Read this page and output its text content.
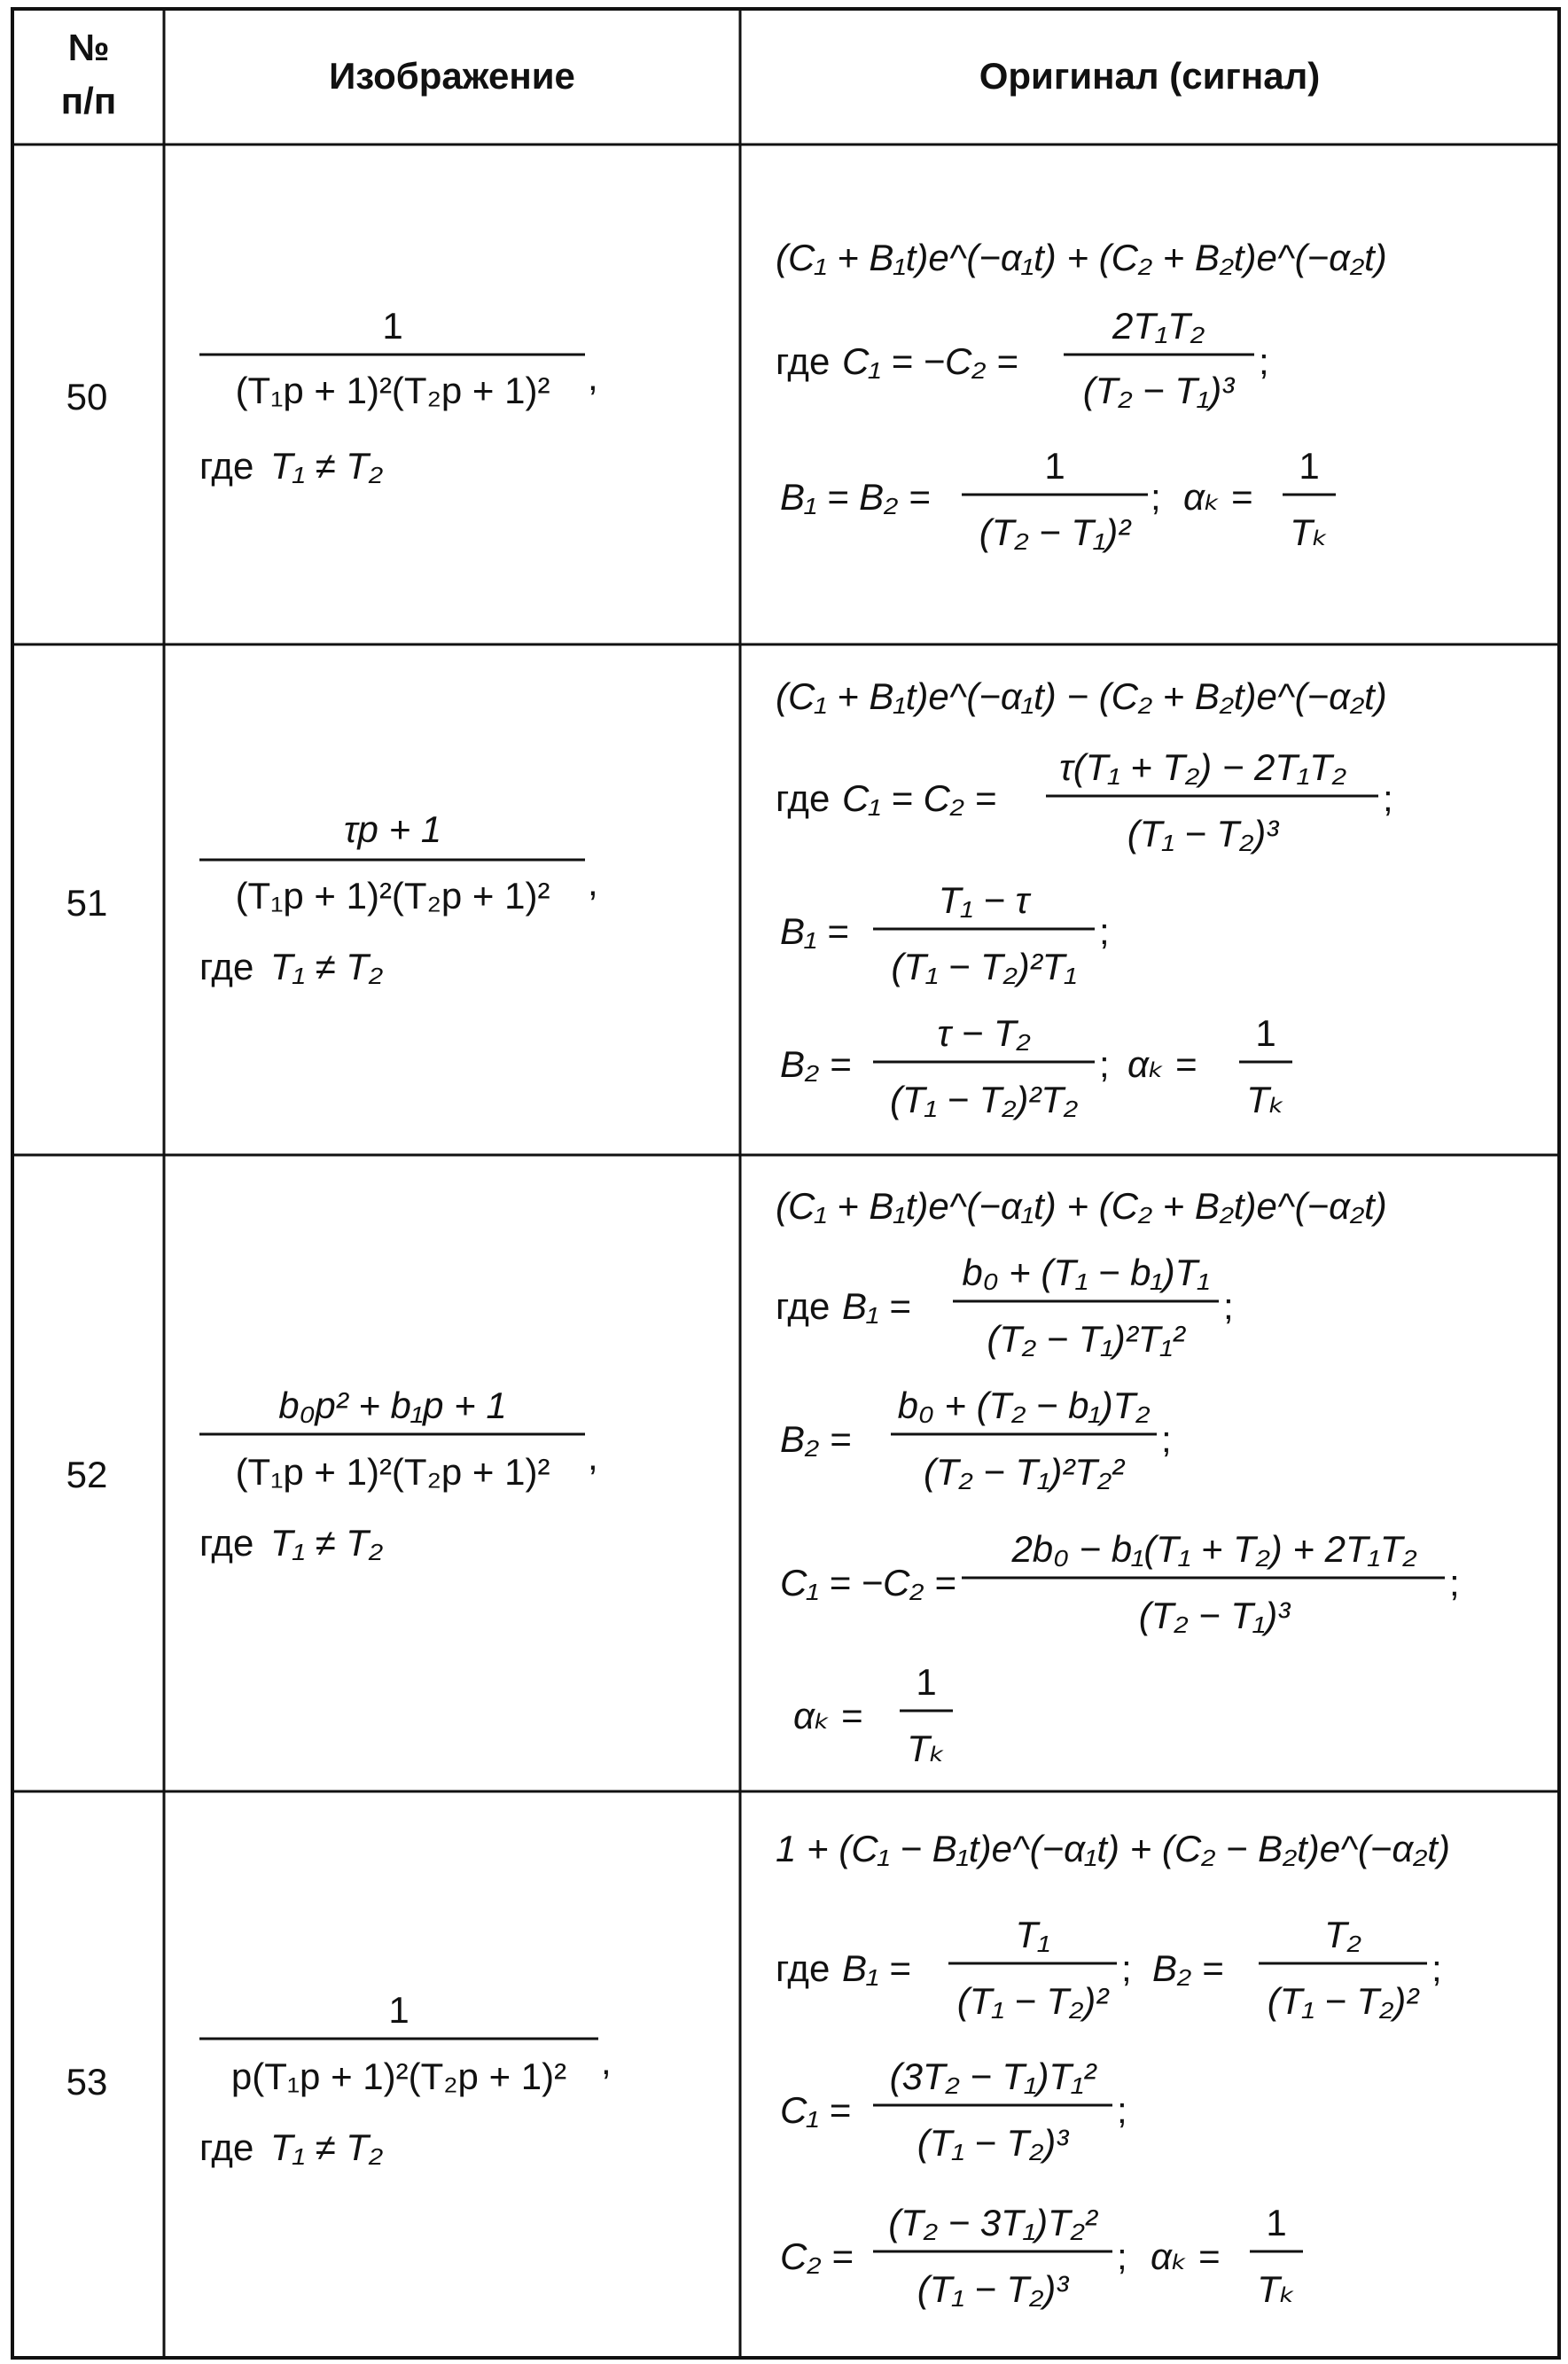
№
п/п
Изображение	Оригинал (сигнал)
50
1
(T₁p + 1)²(T₂p + 1)² ,
где T₁ ≠ T₂
(C₁ + B₁t)e^(−α₁t) + (C₂ + B₂t)e^(−α₂t)
где C₁ = −C₂ =
2T₁T₂
(T₂ − T₁)³
;
B₁ = B₂ =
1
(T₂ − T₁)²
; αₖ =
1
Tₖ
51
τp + 1
(T₁p + 1)²(T₂p + 1)² ,
где T₁ ≠ T₂
(C₁ + B₁t)e^(−α₁t) − (C₂ + B₂t)e^(−α₂t)
где C₁ = C₂ =
τ(T₁ + T₂) − 2T₁T₂
(T₁ − T₂)³
;
B₁ =
T₁ − τ
(T₁ − T₂)²T₁
;
B₂ =
τ − T₂
(T₁ − T₂)²T₂
; αₖ =
1
Tₖ
52
b₀p² + b₁p + 1
(T₁p + 1)²(T₂p + 1)² ,
где T₁ ≠ T₂
(C₁ + B₁t)e^(−α₁t) + (C₂ + B₂t)e^(−α₂t)
где B₁ =
b₀ + (T₁ − b₁)T₁
(T₂ − T₁)²T₁²
;
B₂ =
b₀ + (T₂ − b₁)T₂
(T₂ − T₁)²T₂²
;
C₁ = −C₂ =
2b₀ − b₁(T₁ + T₂) + 2T₁T₂
(T₂ − T₁)³
;
αₖ =
1
Tₖ
53
1
p(T₁p + 1)²(T₂p + 1)² ,
где T₁ ≠ T₂
1 + (C₁ − B₁t)e^(−α₁t) + (C₂ − B₂t)e^(−α₂t)
где B₁ =
T₁
(T₁ − T₂)²
; B₂ =
T₂
(T₁ − T₂)²
;
C₁ =
(3T₂ − T₁)T₁²
(T₁ − T₂)³
;
C₂ =
(T₂ − 3T₁)T₂²
(T₁ − T₂)³
; αₖ =
1
Tₖ
